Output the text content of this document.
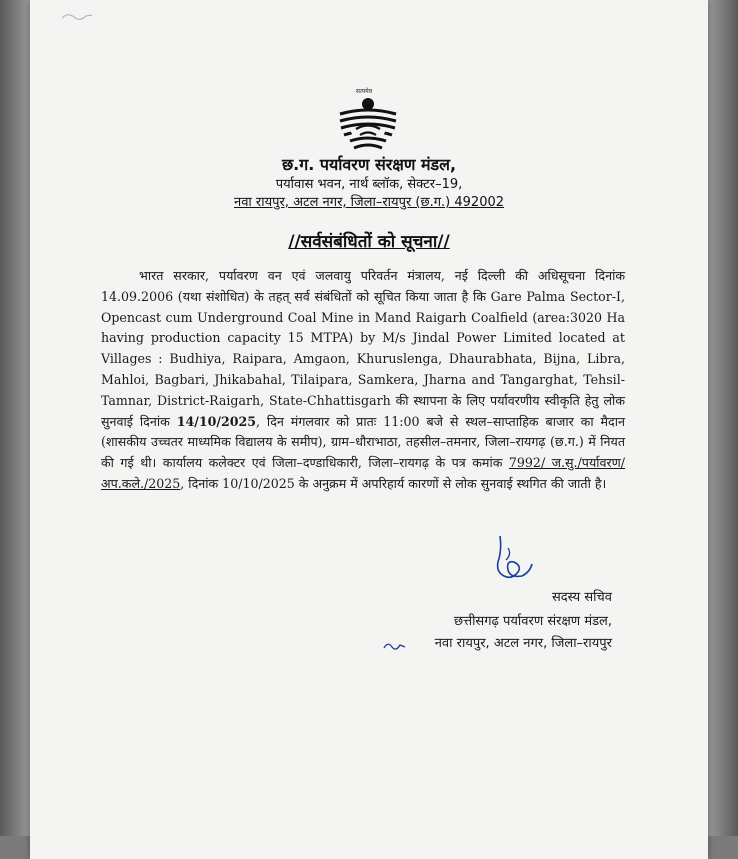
सत्यमेव
छ.ग. पर्यावरण संरक्षण मंडल,
पर्यावास भवन, नार्थ ब्लॉक, सेक्टर–19,
नवा रायपुर, अटल नगर, जिला–रायपुर (छ.ग.) 492002
//सर्वसंबंधितों को सूचना//
भारत सरकार, पर्यावरण वन एवं जलवायु परिवर्तन मंत्रालय, नई दिल्ली की अधिसूचना दिनांक 14.09.2006 (यथा संशोधित) के तहत् सर्व संबंधितों को सूचित किया जाता है कि Gare Palma Sector-I, Opencast cum Underground Coal Mine in Mand Raigarh Coalfield (area:3020 Ha having production capacity 15 MTPA) by M/s Jindal Power Limited located at Villages : Budhiya, Raipara, Amgaon, Khuruslenga, Dhaurabhata, Bijna, Libra, Mahloi, Bagbari, Jhikabahal, Tilaipara, Samkera, Jharna and Tangarghat, Tehsil-Tamnar, District-Raigarh, State-Chhattisgarh की स्थापना के लिए पर्यावरणीय स्वीकृति हेतु लोक सुनवाई दिनांक 14/10/2025, दिन मंगलवार को प्रातः 11:00 बजे से स्थल–साप्ताहिक बाजार का मैदान (शासकीय उच्चतर माध्यमिक विद्यालय के समीप), ग्राम–धौराभाठा, तहसील–तमनार, जिला–रायगढ़ (छ.ग.) में नियत की गई थी। कार्यालय कलेक्टर एवं जिला–दण्डाधिकारी, जिला–रायगढ़ के पत्र कमांक 7992/ ज.सु./पर्यावरण/अप.कले./2025, दिनांक 10/10/2025 के अनुक्रम में अपरिहार्य कारणों से लोक सुनवाई स्थगित की जाती है।
सदस्य सचिव
छत्तीसगढ़ पर्यावरण संरक्षण मंडल,
नवा रायपुर, अटल नगर, जिला–रायपुर
